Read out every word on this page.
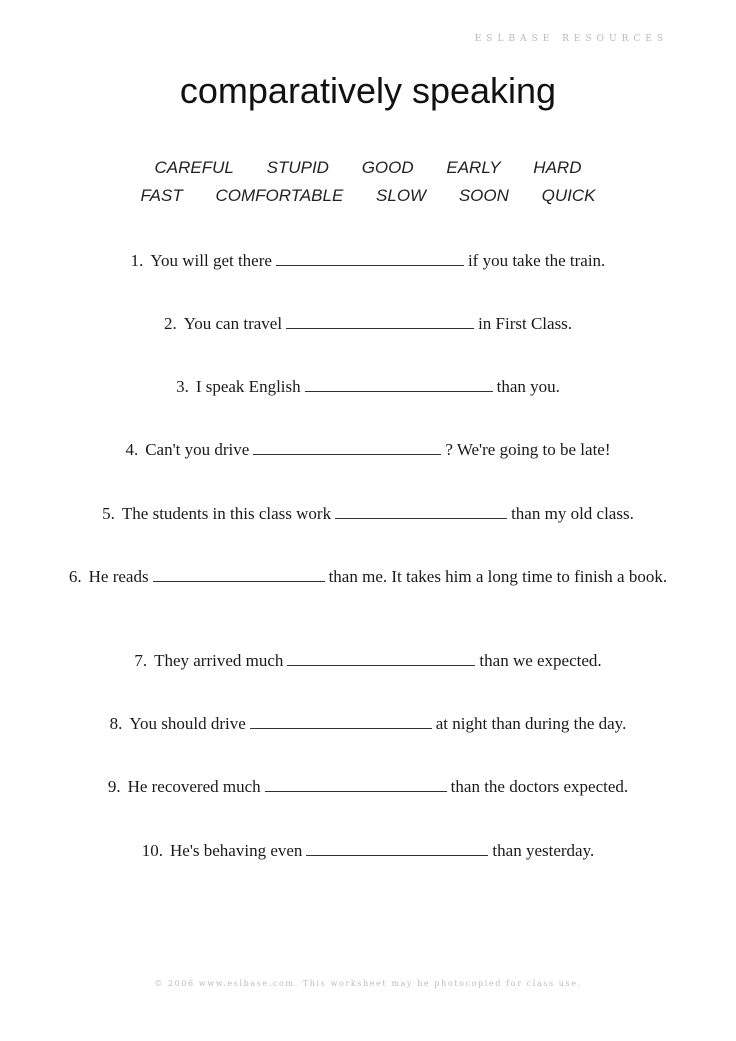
ESLBASE RESOURCES
comparatively speaking
CAREFUL STUPID GOOD EARLY HARD
FAST COMFORTABLE SLOW SOON QUICK
1. You will get there	if you take the train.
2. You can travel	in First Class.
3. I speak English	than you.
4. Can't you drive	? We're going to be late!
5. The students in this class work	than my old class.
6. He reads	than me. It takes him a long time to finish a book.
7. They arrived much	than we expected.
8. You should drive	at night than during the day.
9. He recovered much	than the doctors expected.
10. He's behaving even	than yesterday.
© 2006 www.eslbase.com. This worksheet may be photocopied for class use.
